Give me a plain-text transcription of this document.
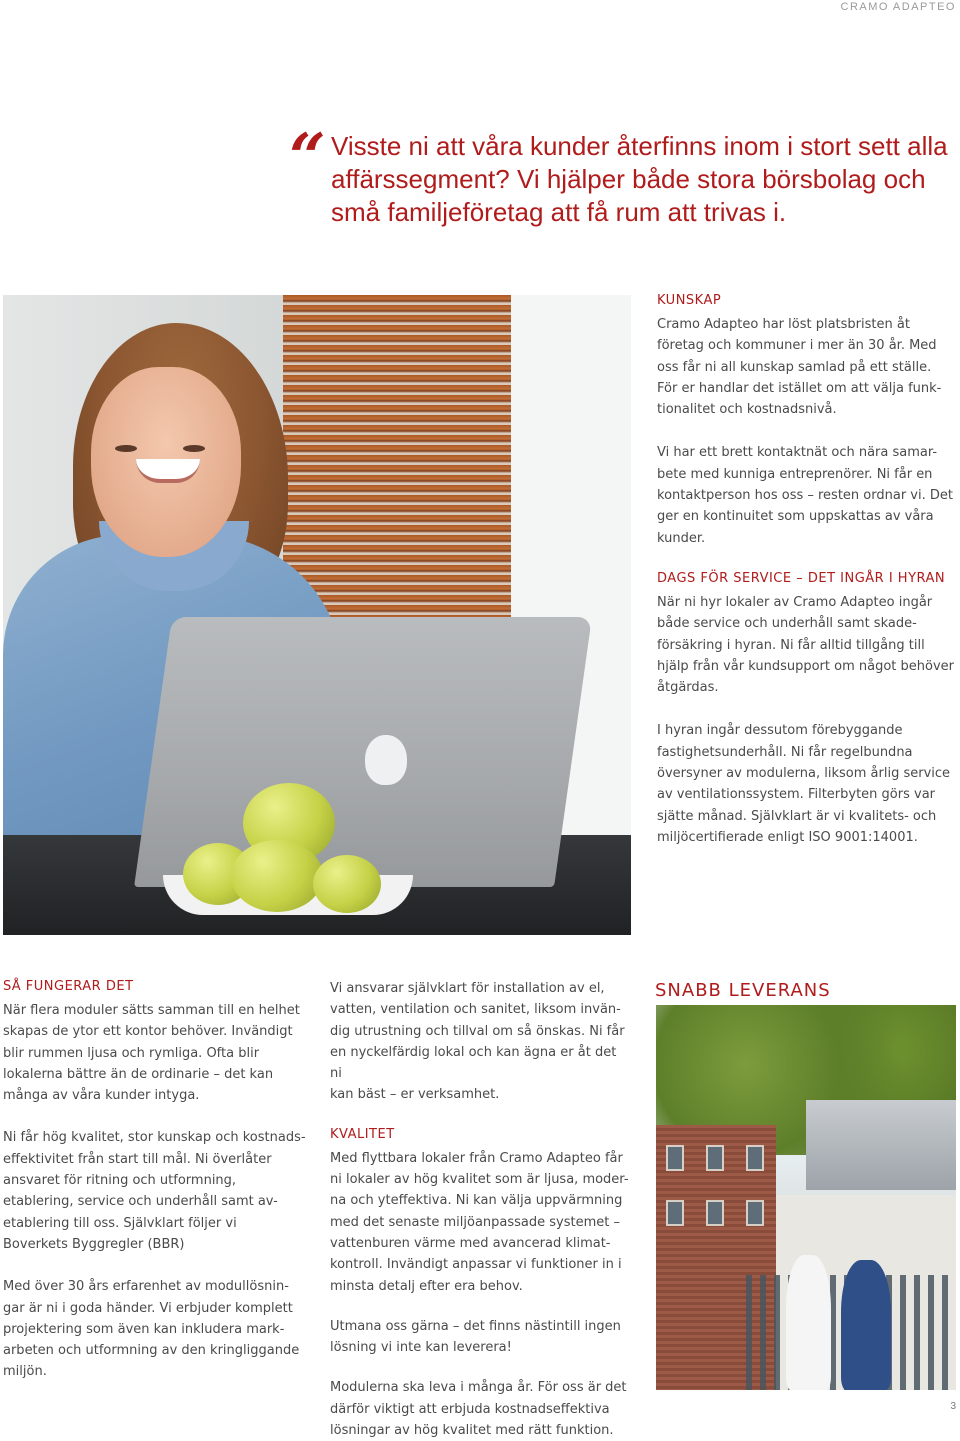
CRAMO ADAPTEO
“ Visste ni att våra kunder återfinns inom i stort sett alla
affärssegment? Vi hjälper både stora börsbolag och
små familjeföretag att få rum att trivas i.
KUNSKAP
Cramo Adapteo har löst platsbristen åt
företag och kommuner i mer än 30 år. Med
oss får ni all kunskap samlad på ett ställe.
För er handlar det istället om att välja funk-
tionalitet och kostnadsnivå.
Vi har ett brett kontaktnät och nära samar-
bete med kunniga entreprenörer. Ni får en
kontaktperson hos oss – resten ordnar vi. Det
ger en kontinuitet som uppskattas av våra
kunder.
DAGS FÖR SERVICE – DET INGÅR I HYRAN
När ni hyr lokaler av Cramo Adapteo ingår
både service och underhåll samt skade-
försäkring i hyran. Ni får alltid tillgång till
hjälp från vår kundsupport om något behöver
åtgärdas.
I hyran ingår dessutom förebyggande
fastighetsunderhåll. Ni får regelbundna
översyner av modulerna, liksom årlig service
av ventilationssystem. Filterbyten görs var
sjätte månad. Självklart är vi kvalitets- och
miljöcertifierade enligt ISO 9001:14001.
SÅ FUNGERAR DET
När flera moduler sätts samman till en helhet
skapas de ytor ett kontor behöver. Invändigt
blir rummen ljusa och rymliga. Ofta blir
lokalerna bättre än de ordinarie – det kan
många av våra kunder intyga.
Ni får hög kvalitet, stor kunskap och kostnads-
effektivitet från start till mål. Ni överlåter
ansvaret för ritning och utformning,
etablering, service och underhåll samt av-
etablering till oss. Självklart följer vi
Boverkets Byggregler (BBR)
Med över 30 års erfarenhet av modullösnin-
gar är ni i goda händer. Vi erbjuder komplett
projektering som även kan inkludera mark-
arbeten och utformning av den kringliggande
miljön.
Vi ansvarar självklart för installation av el,
vatten, ventilation och sanitet, liksom invän-
dig utrustning och tillval om så önskas. Ni får
en nyckelfärdig lokal och kan ägna er åt det ni
kan bäst – er verksamhet.
KVALITET
Med flyttbara lokaler från Cramo Adapteo får
ni lokaler av hög kvalitet som är ljusa, moder-
na och yteffektiva. Ni kan välja uppvärmning
med det senaste miljöanpassade systemet –
vattenburen värme med avancerad klimat-
kontroll. Invändigt anpassar vi funktioner in i
minsta detalj efter era behov.
Utmana oss gärna – det finns nästintill ingen
lösning vi inte kan leverera!
Modulerna ska leva i många år. För oss är det
därför viktigt att erbjuda kostnadseffektiva
lösningar av hög kvalitet med rätt funktion.
SNABB LEVERANS
3
